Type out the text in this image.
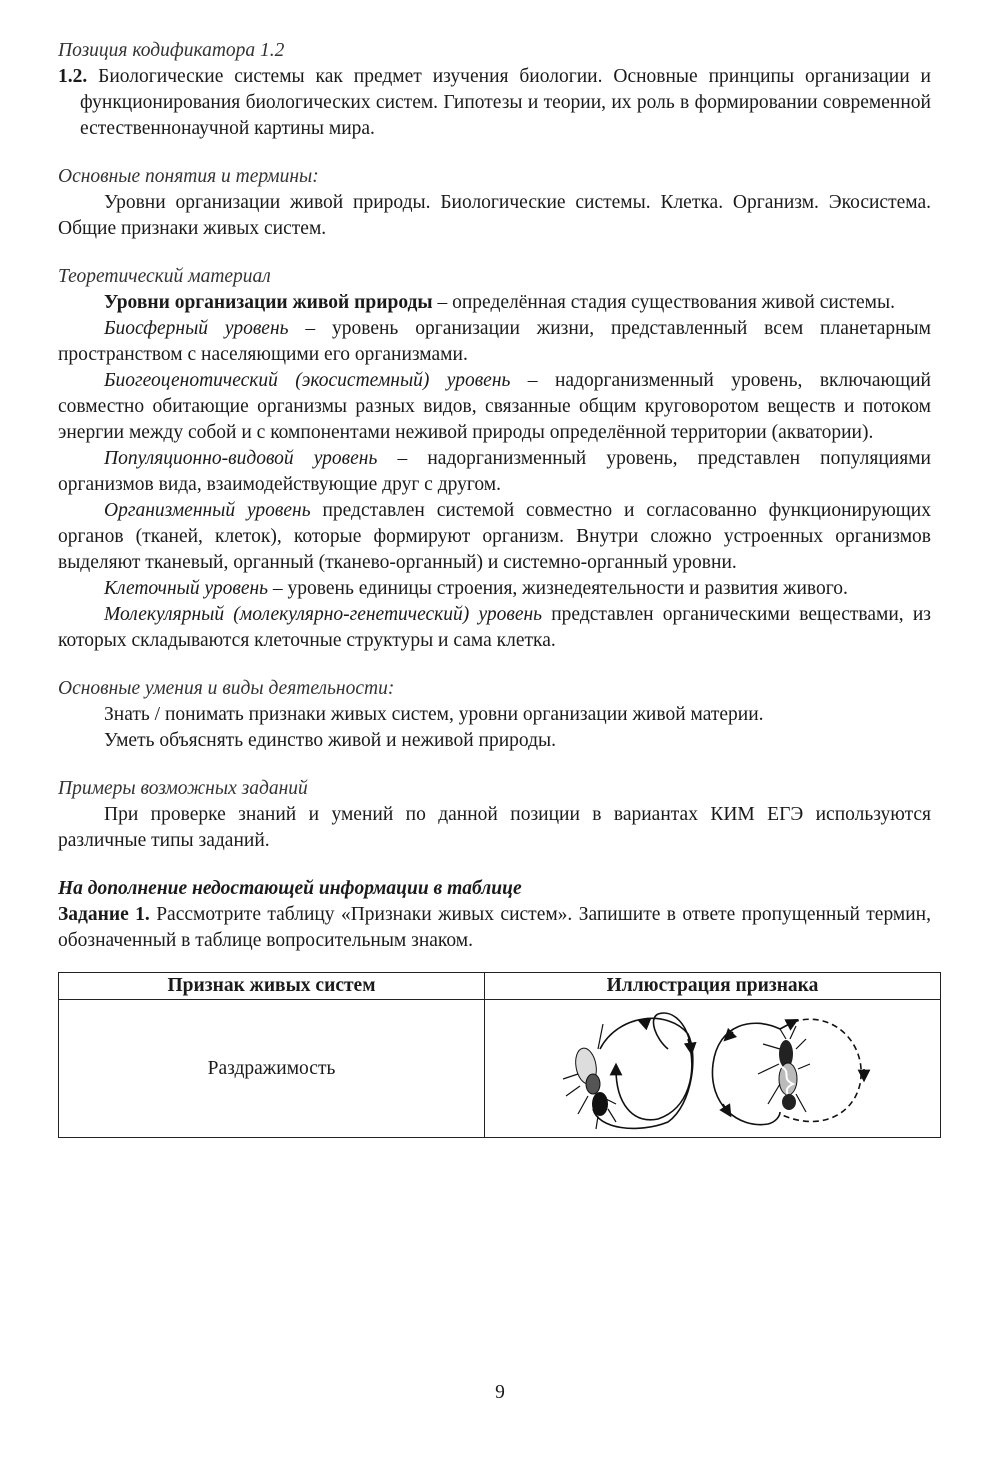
Позиция кодификатора 1.2

1.2. Биологические системы как предмет изучения биологии. Основные принципы организации и функционирования биологических систем. Гипотезы и теории, их роль в формировании современной естественнонаучной картины мира.

Основные понятия и термины:

Уровни организации живой природы. Биологические системы. Клетка. Организм. Экосистема. Общие признаки живых систем.

Теоретический материал

Уровни организации живой природы – определённая стадия существования живой системы.

Биосферный уровень – уровень организации жизни, представленный всем планетарным пространством с населяющими его организмами.

Биогеоценотический (экосистемный) уровень – надорганизменный уровень, включающий совместно обитающие организмы разных видов, связанные общим круговоротом веществ и потоком энергии между собой и с компонентами неживой природы определённой территории (акватории).

Популяционно-видовой уровень – надорганизменный уровень, представлен популяциями организмов вида, взаимодействующие друг с другом.

Организменный уровень представлен системой совместно и согласованно функционирующих органов (тканей, клеток), которые формируют организм. Внутри сложно устроенных организмов выделяют тканевый, органный (тканево-органный) и системно-органный уровни.

Клеточный уровень – уровень единицы строения, жизнедеятельности и развития живого.

Молекулярный (молекулярно-генетический) уровень представлен органическими веществами, из которых складываются клеточные структуры и сама клетка.

Основные умения и виды деятельности:

Знать / понимать признаки живых систем, уровни организации живой материи.

Уметь объяснять единство живой и неживой природы.

Примеры возможных заданий

При проверке знаний и умений по данной позиции в вариантах КИМ ЕГЭ используются различные типы заданий.

На дополнение недостающей информации в таблице

Задание 1. Рассмотрите таблицу «Признаки живых систем». Запишите в ответе пропущенный термин, обозначенный в таблице вопросительным знаком.

Признак живых систем	Иллюстрация признака
Раздражимость	
9
